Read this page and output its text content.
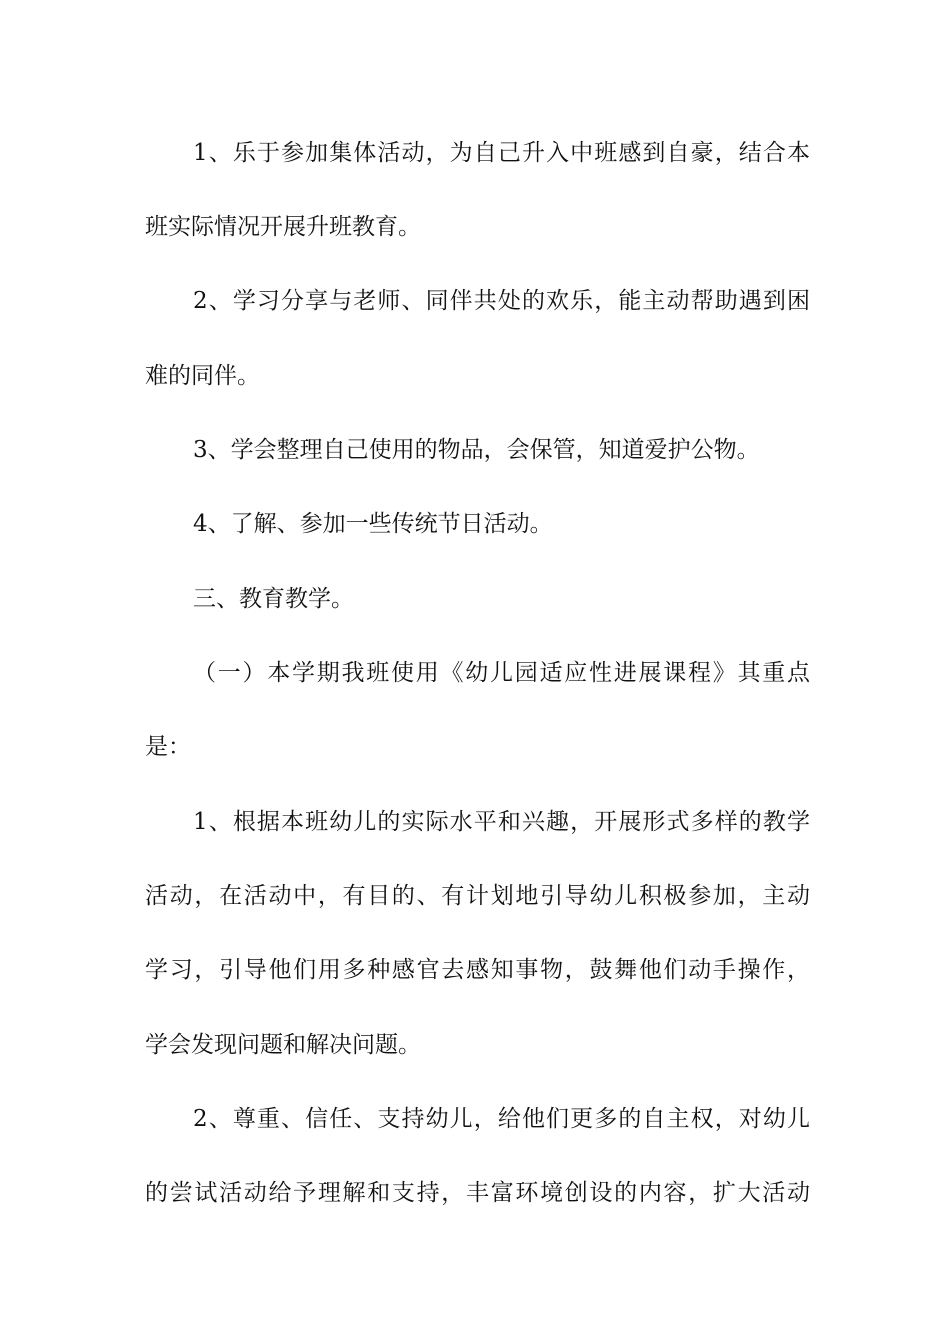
1、乐于参加集体活动，为自己升入中班感到自豪，结合本
班实际情况开展升班教育。
2、学习分享与老师、同伴共处的欢乐，能主动帮助遇到困
难的同伴。
3、学会整理自己使用的物品，会保管，知道爱护公物。
4、了解、参加一些传统节日活动。
三、教育教学。
（一）本学期我班使用《幼儿园适应性进展课程》其重点
是：
1、根据本班幼儿的实际水平和兴趣，开展形式多样的教学
活动，在活动中，有目的、有计划地引导幼儿积极参加，主动
学习，引导他们用多种感官去感知事物，鼓舞他们动手操作，
学会发现问题和解决问题。
2、尊重、信任、支持幼儿，给他们更多的自主权，对幼儿
的尝试活动给予理解和支持，丰富环境创设的内容，扩大活动
